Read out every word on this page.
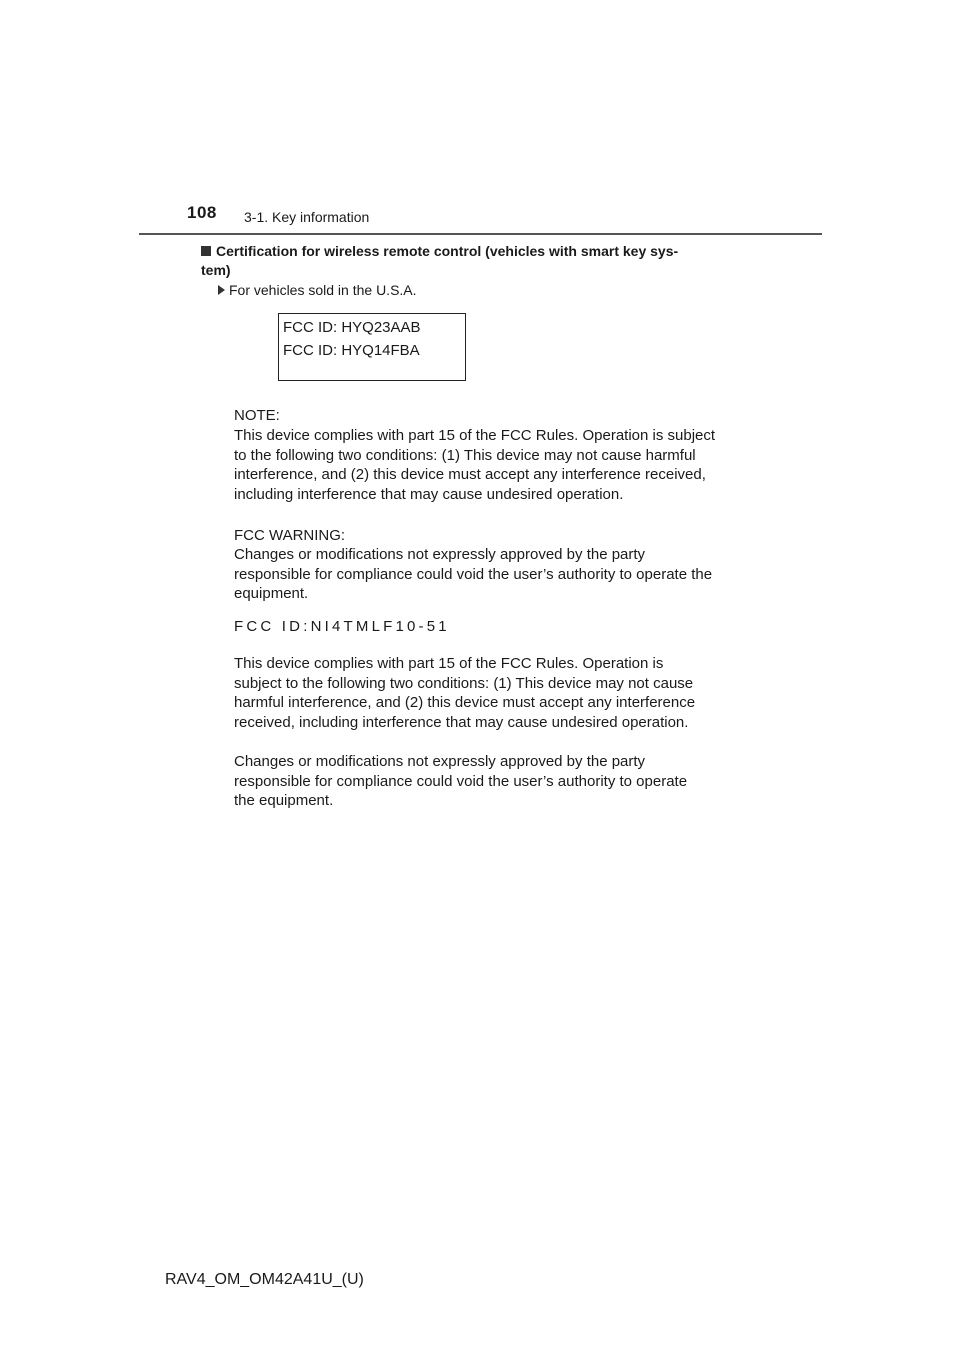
108 3-1. Key information
Certification for wireless remote control (vehicles with smart key sys-
tem)
For vehicles sold in the U.S.A.
FCC ID: HYQ23AAB
FCC ID: HYQ14FBA
NOTE:
This device complies with part 15 of the FCC Rules. Operation is subject
to the following two conditions: (1) This device may not cause harmful
interference, and (2) this device must accept any interference received,
including interference that may cause undesired operation.
FCC WARNING:
Changes or modifications not expressly approved by the party
responsible for compliance could void the user’s authority to operate the
equipment.
FCC ID:NI4TMLF10-51
This device complies with part 15 of the FCC Rules. Operation is
subject to the following two conditions: (1) This device may not cause
harmful interference, and (2) this device must accept any interference
received, including interference that may cause undesired operation.
Changes or modifications not expressly approved by the party
responsible for compliance could void the user’s authority to operate
the equipment.
RAV4_OM_OM42A41U_(U)
